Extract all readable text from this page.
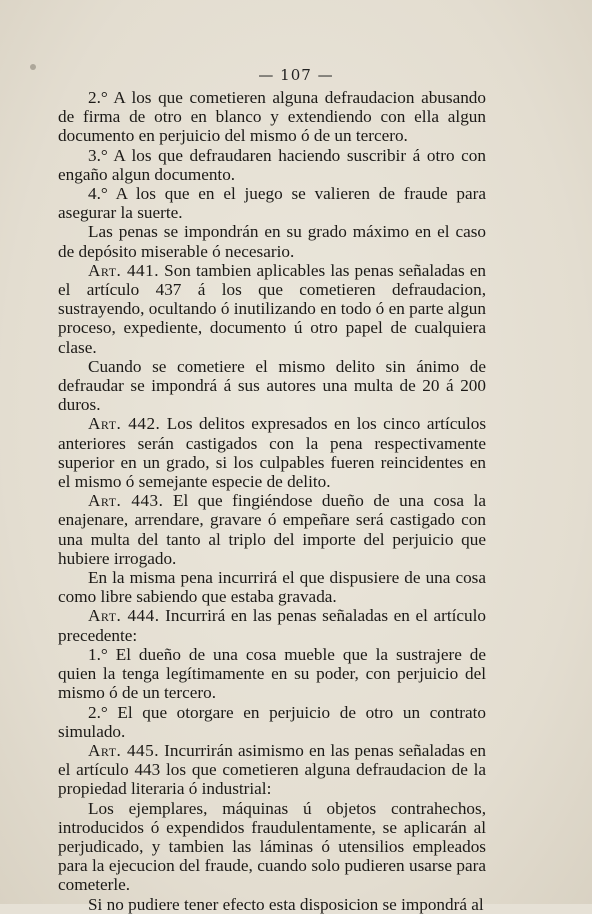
— 107 —

2.° A los que cometieren alguna defraudacion abusando de firma de otro en blanco y extendiendo con ella algun documento en perjuicio del mismo ó de un tercero.

3.° A los que defraudaren haciendo suscribir á otro con engaño algun documento.

4.° A los que en el juego se valieren de fraude para asegurar la suerte.

Las penas se impondrán en su grado máximo en el caso de depósito miserable ó necesario.

Art. 441. Son tambien aplicables las penas señaladas en el artículo 437 á los que cometieren defraudacion, sustrayendo, ocultando ó inutilizando en todo ó en parte algun proceso, expediente, documento ú otro papel de cualquiera clase.

Cuando se cometiere el mismo delito sin ánimo de defraudar se impondrá á sus autores una multa de 20 á 200 duros.

Art. 442. Los delitos expresados en los cinco artículos anteriores serán castigados con la pena respectivamente superior en un grado, si los culpables fueren reincidentes en el mismo ó semejante especie de delito.

Art. 443. El que fingiéndose dueño de una cosa la enajenare, arrendare, gravare ó empeñare será castigado con una multa del tanto al triplo del importe del perjuicio que hubiere irrogado.

En la misma pena incurrirá el que dispusiere de una cosa como libre sabiendo que estaba gravada.

Art. 444. Incurrirá en las penas señaladas en el artículo precedente:

1.° El dueño de una cosa mueble que la sustrajere de quien la tenga legítimamente en su poder, con perjuicio del mismo ó de un tercero.

2.° El que otorgare en perjuicio de otro un contrato simulado.

Art. 445. Incurrirán asimismo en las penas señaladas en el artículo 443 los que cometieren alguna defraudacion de la propiedad literaria ó industrial:

Los ejemplares, máquinas ú objetos contrahechos, introducidos ó expendidos fraudulentamente, se aplicarán al perjudicado, y tambien las láminas ó utensilios empleados para la ejecucion del fraude, cuando solo pudieren usarse para cometerle.

Si no pudiere tener efecto esta disposicion se impondrá al
